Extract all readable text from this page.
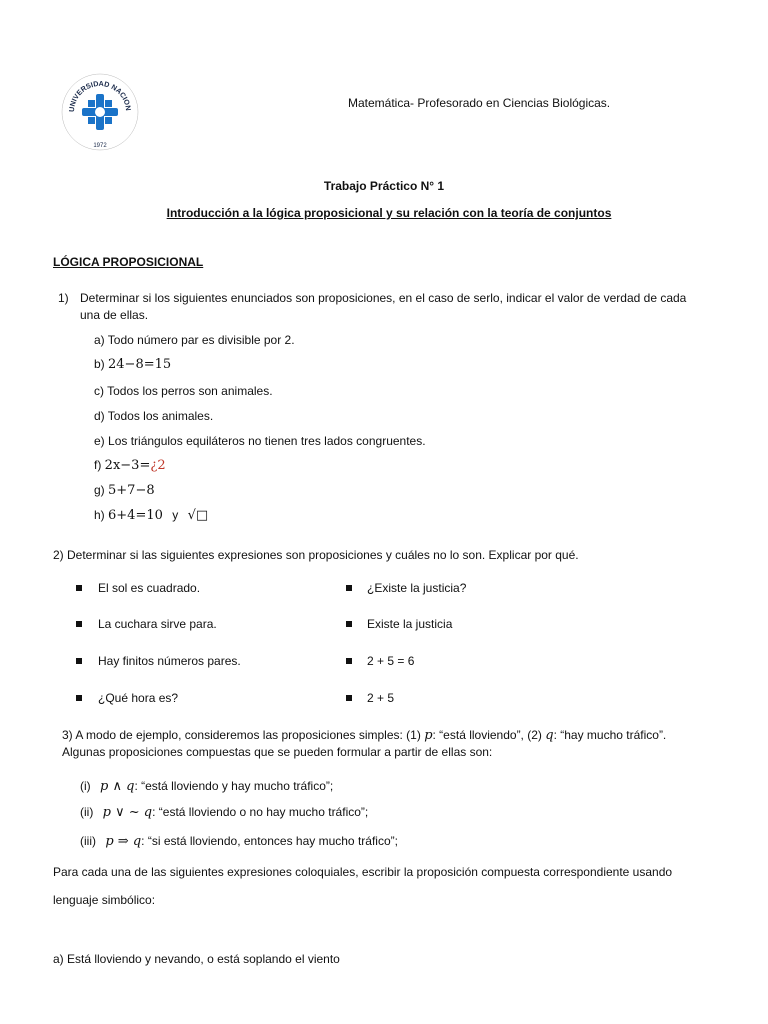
UNIVERSIDAD NACION
1972
Matemática- Profesorado en Ciencias Biológicas.
Trabajo Práctico N° 1
Introducción a la lógica proposicional y su relación con la teoría de conjuntos
LÓGICA PROPOSICIONAL
1) Determinar si los siguientes enunciados son proposiciones, en el caso de serlo, indicar el valor de verdad de cada
una de ellas.
a) Todo número par es divisible por 2.
b) 24−8=15
c) Todos los perros son animales.
d) Todos los animales.
e) Los triángulos equiláteros no tienen tres lados congruentes.
f) 2x−3=¿2
g) 5+7−8
h) 6+4=10 y √□
2) Determinar si las siguientes expresiones son proposiciones y cuáles no lo son. Explicar por qué.
El sol es cuadrado.	¿Existe la justicia?
La cuchara sirve para.	Existe la justicia
Hay finitos números pares.	2 + 5 = 6
¿Qué hora es?	2 + 5
3) A modo de ejemplo, consideremos las proposiciones simples: (1) p: “está lloviendo”, (2) q: “hay mucho tráfico”.
Algunas proposiciones compuestas que se pueden formular a partir de ellas son:
(i) p ∧ q: “está lloviendo y hay mucho tráfico”;
(ii) p ∨ ~ q: “está lloviendo o no hay mucho tráfico”;
(iii) p ⇒ q: “si está lloviendo, entonces hay mucho tráfico”;
Para cada una de las siguientes expresiones coloquiales, escribir la proposición compuesta correspondiente usando
lenguaje simbólico:
a) Está lloviendo y nevando, o está soplando el viento
